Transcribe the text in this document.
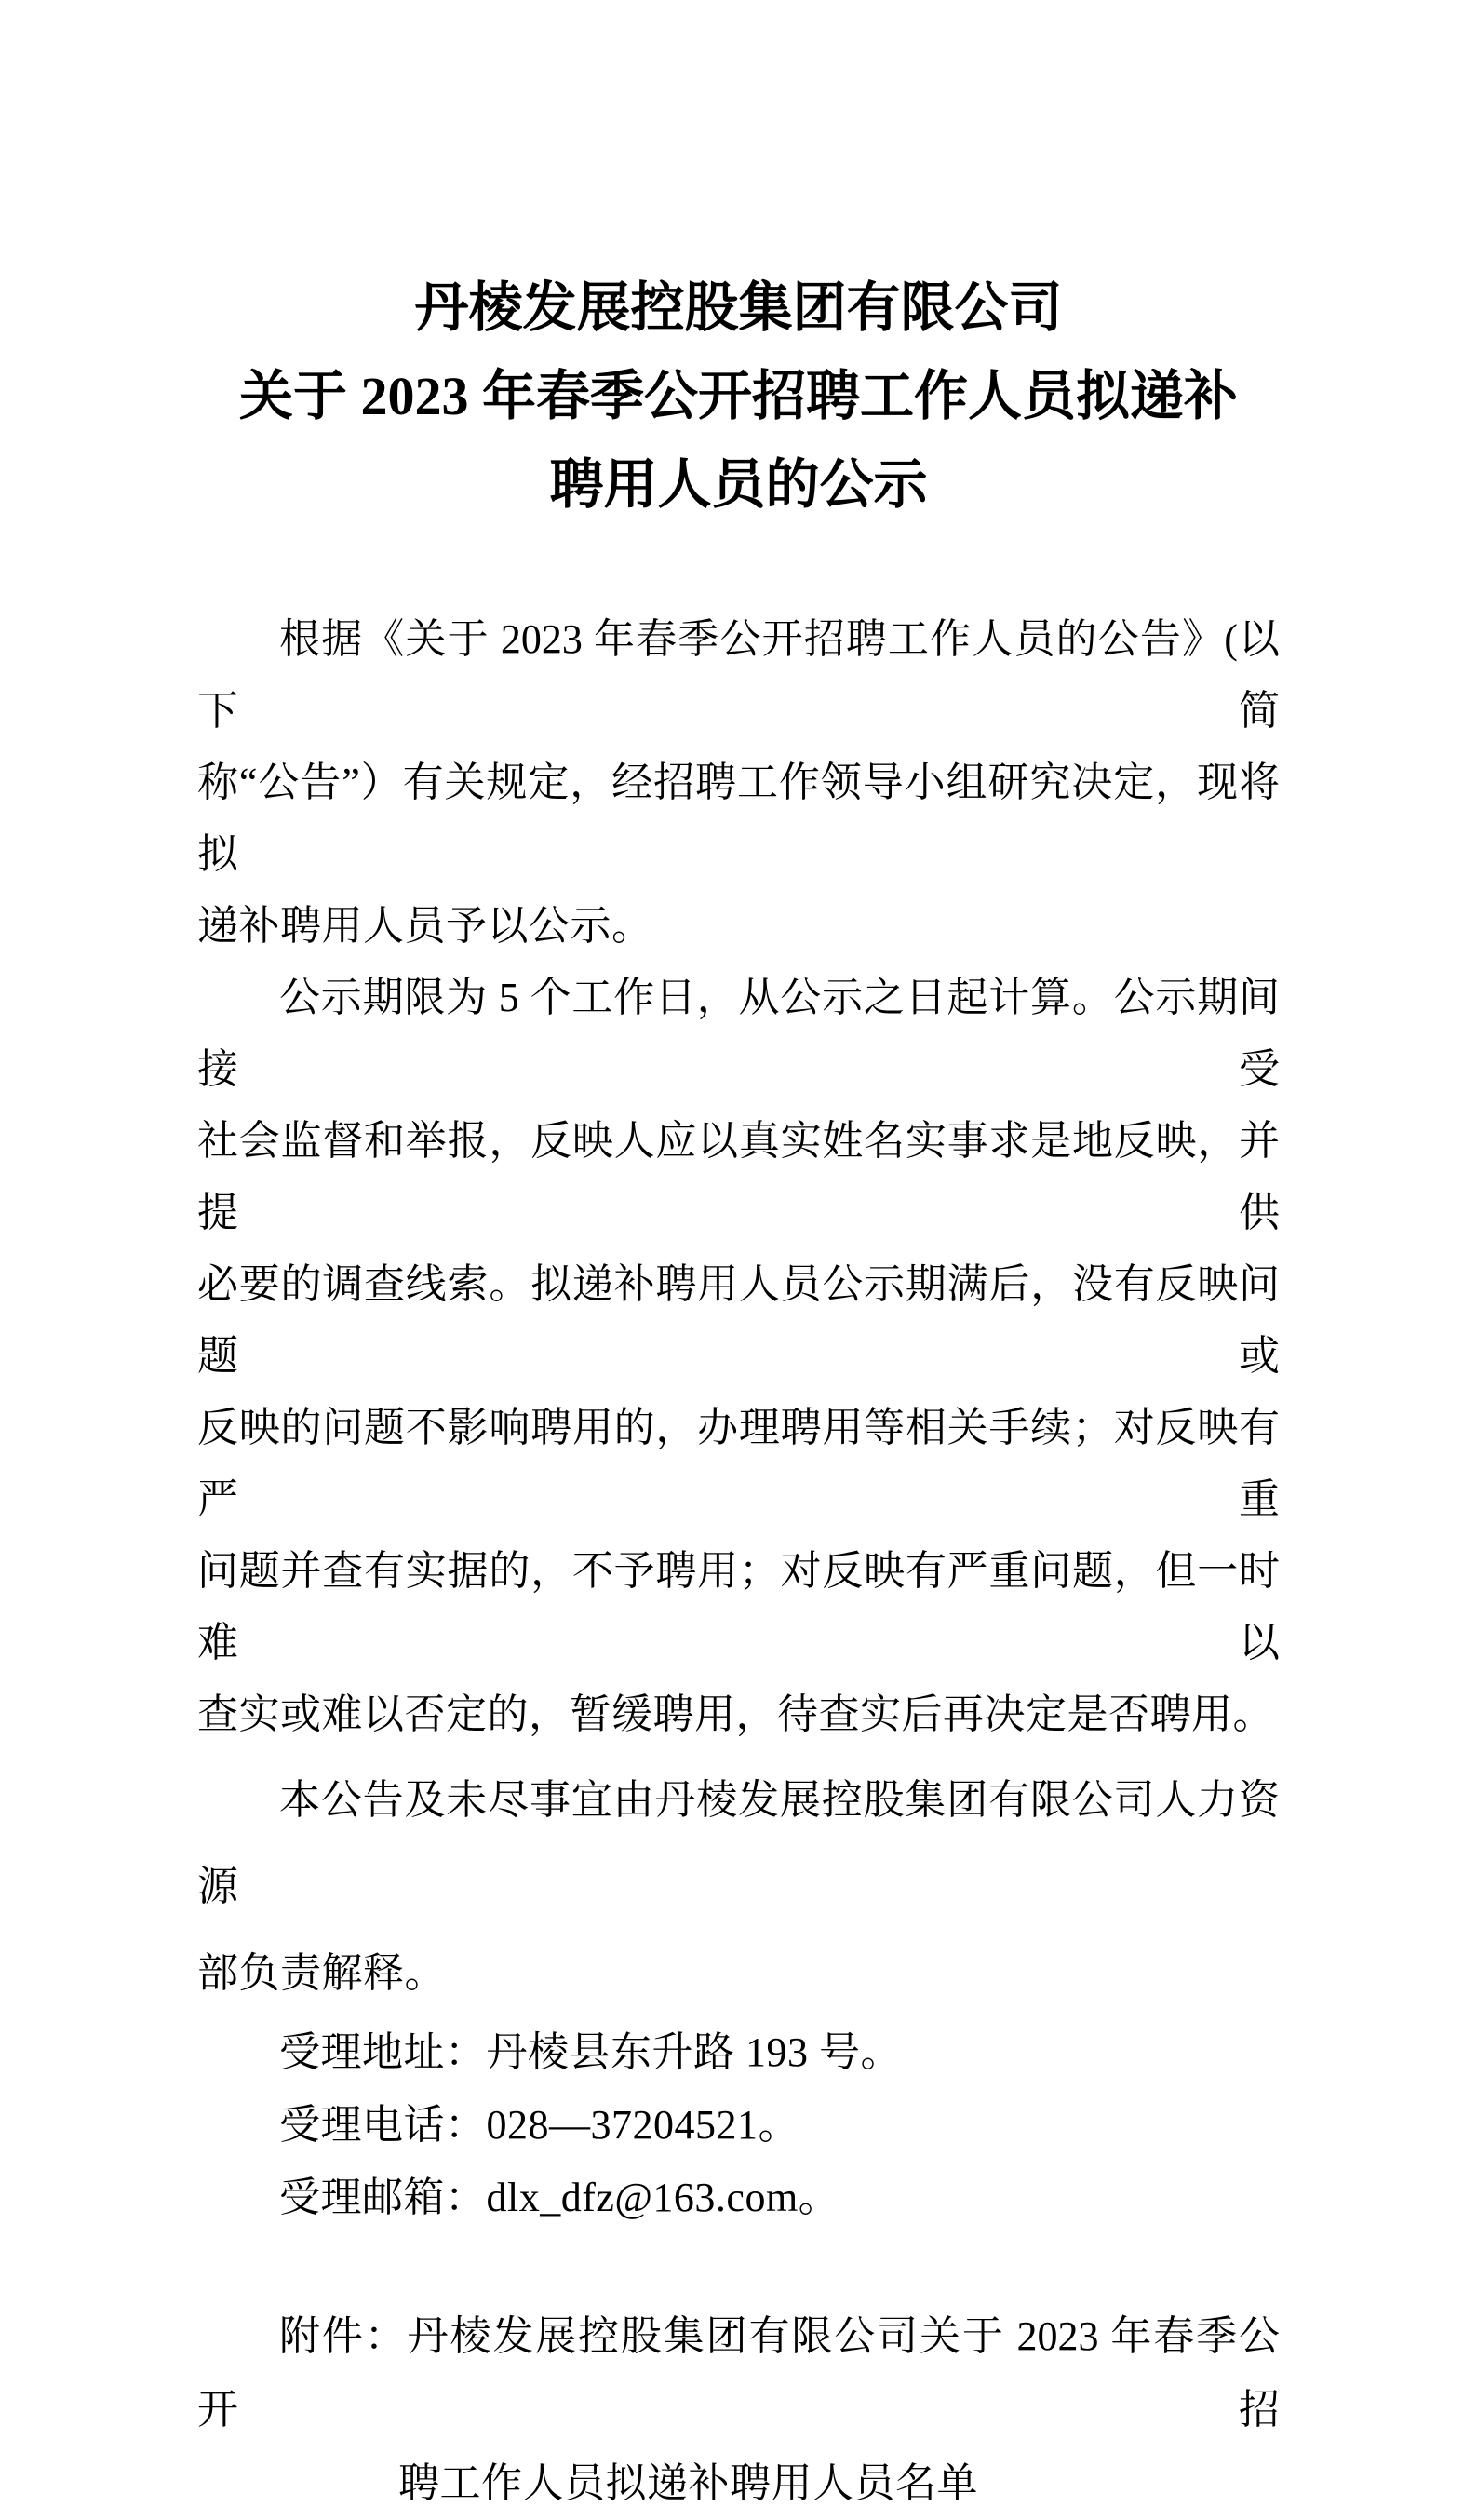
丹棱发展控股集团有限公司
关于 2023 年春季公开招聘工作人员拟递补
聘用人员的公示
根据《关于 2023 年春季公开招聘工作人员的公告》(以下简
称“公告”）有关规定，经招聘工作领导小组研究决定，现将拟
递补聘用人员予以公示。
公示期限为 5 个工作日，从公示之日起计算。公示期间接受
社会监督和举报，反映人应以真实姓名实事求是地反映，并提供
必要的调查线索。拟递补聘用人员公示期满后，没有反映问题或
反映的问题不影响聘用的，办理聘用等相关手续；对反映有严重
问题并查有实据的，不予聘用；对反映有严重问题，但一时难以
查实或难以否定的，暂缓聘用，待查实后再决定是否聘用。
本公告及未尽事宜由丹棱发展控股集团有限公司人力资源
部负责解释。
受理地址：丹棱县东升路 193 号。
受理电话：028—37204521。
受理邮箱：dlx_dfz@163.com。
附件：丹棱发展控股集团有限公司关于 2023 年春季公开招
聘工作人员拟递补聘用人员名单
